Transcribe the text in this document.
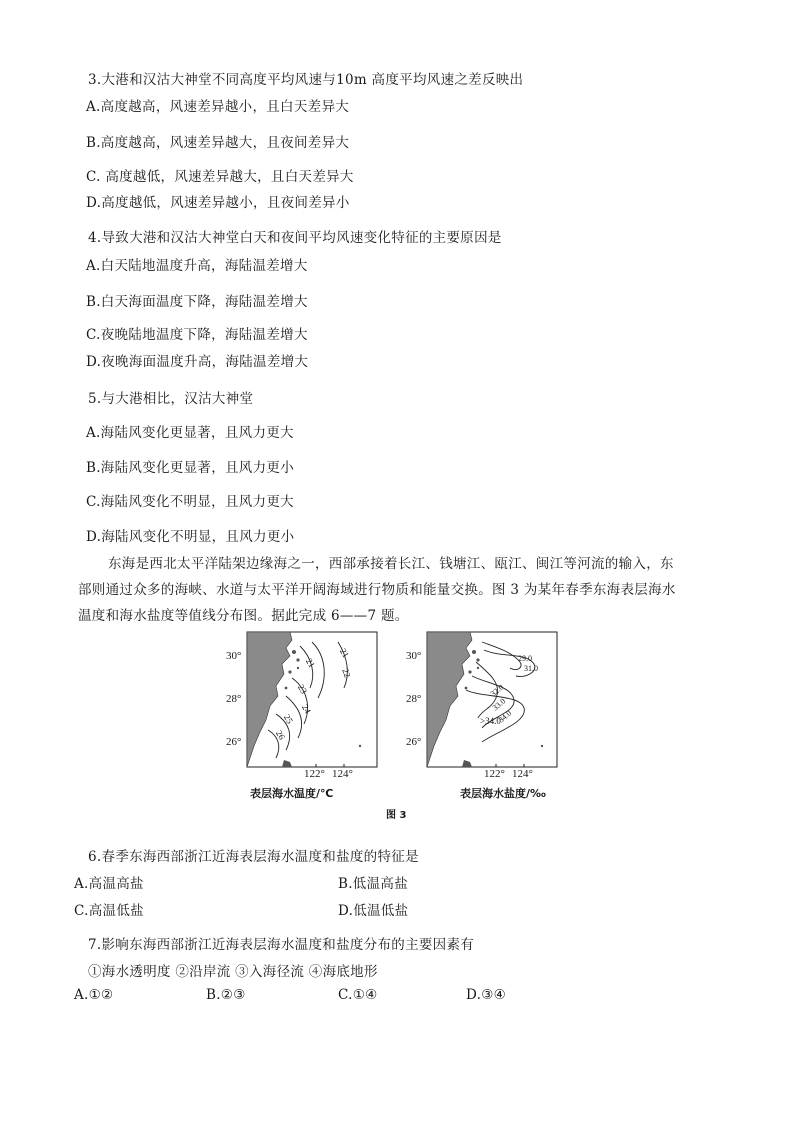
3.大港和汉沽大神堂不同高度平均风速与10m 高度平均风速之差反映出
A.高度越高，风速差异越小，且白天差异大
B.高度越高，风速差异越大，且夜间差异大
C. 高度越低，风速差异越大，且白天差异大
D.高度越低，风速差异越小，且夜间差异小
4.导致大港和汉沽大神堂白天和夜间平均风速变化特征的主要原因是
A.白天陆地温度升高，海陆温差增大
B.白天海面温度下降，海陆温差增大
C.夜晚陆地温度下降，海陆温差增大
D.夜晚海面温度升高，海陆温差增大
5.与大港相比，汉沽大神堂
A.海陆风变化更显著，且风力更大
B.海陆风变化更显著，且风力更小
C.海陆风变化不明显，且风力更大
D.海陆风变化不明显，且风力更小
东海是西北太平洋陆架边缘海之一，西部承接着长江、钱塘江、瓯江、闽江等河流的输入，东
部则通过众多的海峡、水道与太平洋开阔海域进行物质和能量交换。图 3 为某年春季东海表层海水
温度和海水盐度等值线分布图。据此完成 6——7 题。
30°
28°
26°
122° 124°
21
21
22
23
24
25
26
30°
28°
26°
122° 124°
29.0
31.0
32.0
33.0
34.0
>34.0
表层海水温度/℃	表层海水盐度/‰
图 3
6.春季东海西部浙江近海表层海水温度和盐度的特征是
A.高温高盐	B.低温高盐
C.高温低盐	D.低温低盐
7.影响东海西部浙江近海表层海水温度和盐度分布的主要因素有
①海水透明度 ②沿岸流 ③入海径流 ④海底地形
A.①②	B.②③	C.①④	D.③④
